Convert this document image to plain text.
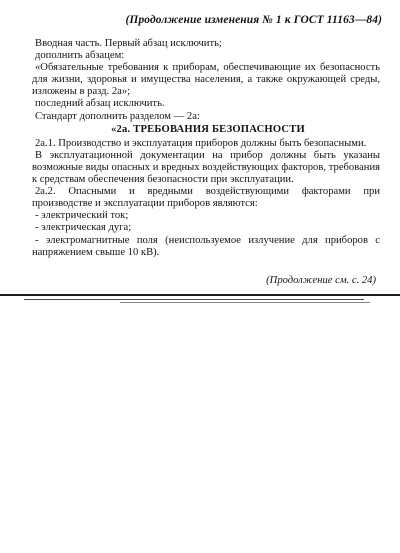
(Продолжение изменения № 1 к ГОСТ 11163—84)

Вводная часть. Первый абзац исключить;

дополнить абзацем:

«Обязательные требования к приборам, обеспечивающие их безопасность для жизни, здоровья и имущества населения, а также окружающей среды, изложены в разд. 2а»;

последний абзац исключить.

Стандарт дополнить разделом — 2а:

«2а. ТРЕБОВАНИЯ БЕЗОПАСНОСТИ

2а.1. Производство и эксплуатация приборов должны быть безопасными.

В эксплуатационной документации на прибор должны быть указаны возможные виды опасных и вредных воздействующих факторов, требования к средствам обеспечения безопасности при эксплуатации.

2а.2. Опасными и вредными воздействующими факторами при производстве и эксплуатации приборов являются:

- электрический ток;

- электрическая дуга;

- электромагнитные поля (неиспользуемое излучение для приборов с напряжением свыше 10 кВ).

(Продолжение см. с. 24)
